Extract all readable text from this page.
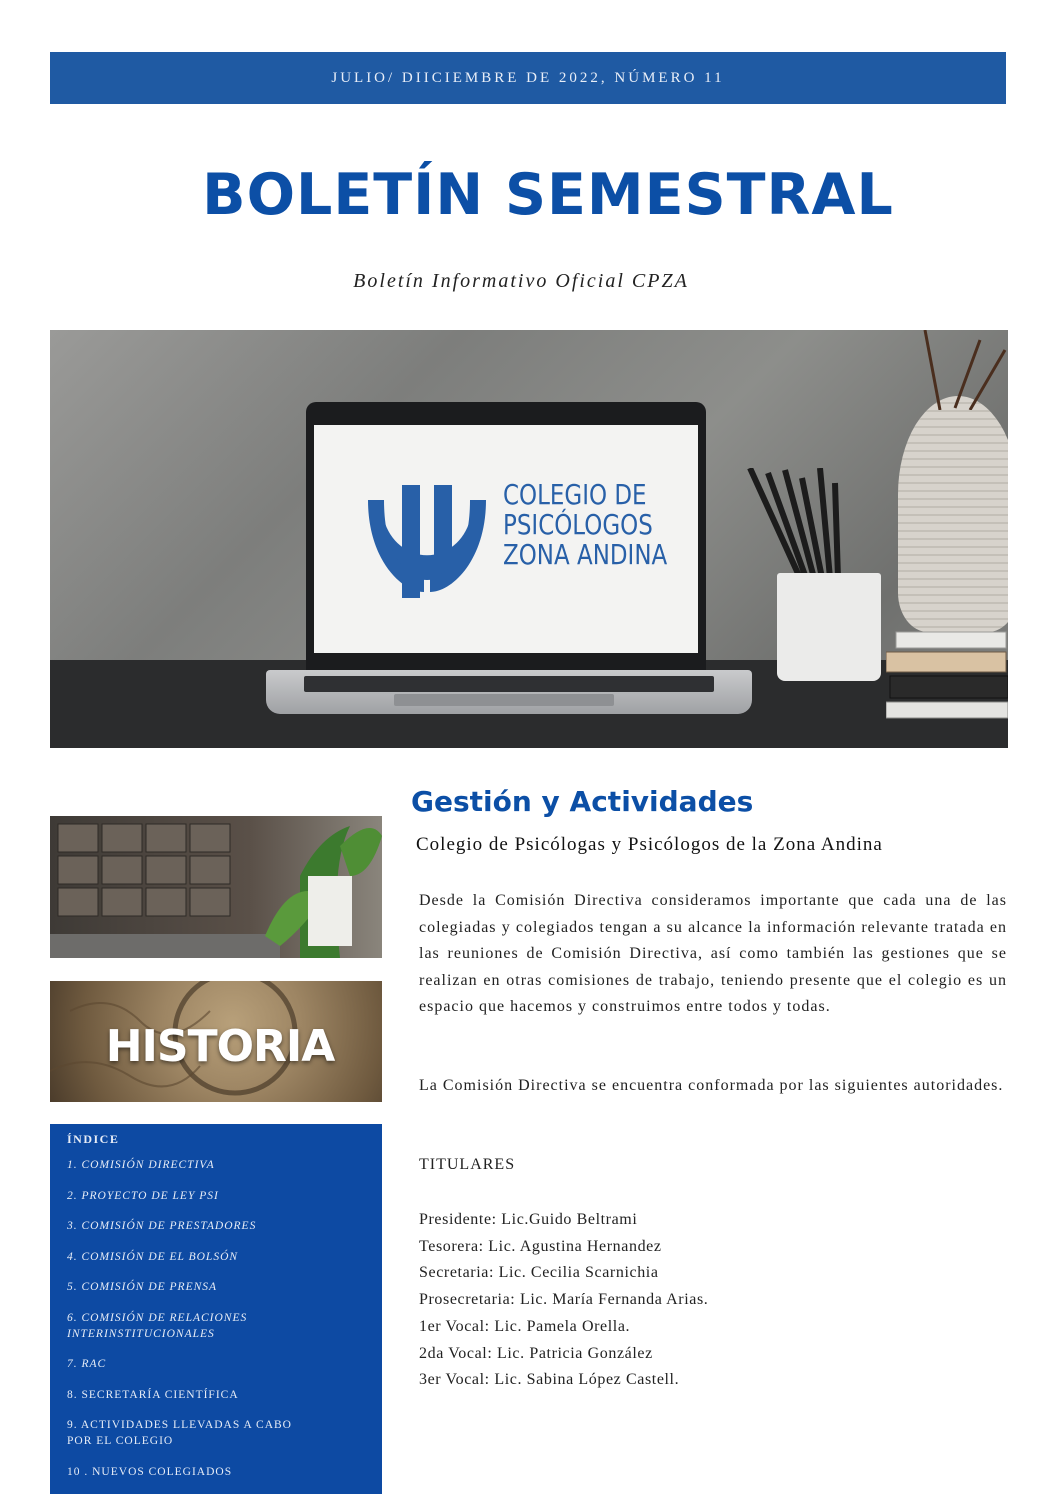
JULIO/ DIICIEMBRE DE 2022, NÚMERO 11
BOLETÍN SEMESTRAL
Boletín Informativo Oficial CPZA
COLEGIO DE
PSICÓLOGOS
ZONA ANDINA
HISTORIA
ÍNDICE
1. COMISIÓN DIRECTIVA
2. PROYECTO DE LEY PSI
3. COMISIÓN DE PRESTADORES
4. COMISIÓN DE EL BOLSÓN
5. COMISIÓN DE PRENSA
6. COMISIÓN DE RELACIONES INTERINSTITUCIONALES
7. RAC
8. SECRETARÍA CIENTÍFICA
9. ACTIVIDADES LLEVADAS A CABO POR EL COLEGIO
10 . NUEVOS COLEGIADOS
Gestión y Actividades
Colegio de Psicólogas y Psicólogos de la Zona Andina

Desde la Comisión Directiva consideramos importante que cada una de las colegiadas y colegiados tengan a su alcance la información relevante tratada en las reuniones de Comisión Directiva, así como también las gestiones que se realizan en otras comisiones de trabajo, teniendo presente que el colegio es un espacio que hacemos y construimos entre todos y todas.

La Comisión Directiva se encuentra conformada por las siguientes autoridades.

TITULARES
Presidente: Lic.Guido Beltrami
Tesorera: Lic. Agustina Hernandez
Secretaria: Lic. Cecilia Scarnichia
Prosecretaria: Lic. María Fernanda Arias.
1er Vocal: Lic. Pamela Orella.
2da Vocal: Lic. Patricia González
3er Vocal: Lic. Sabina López Castell.
